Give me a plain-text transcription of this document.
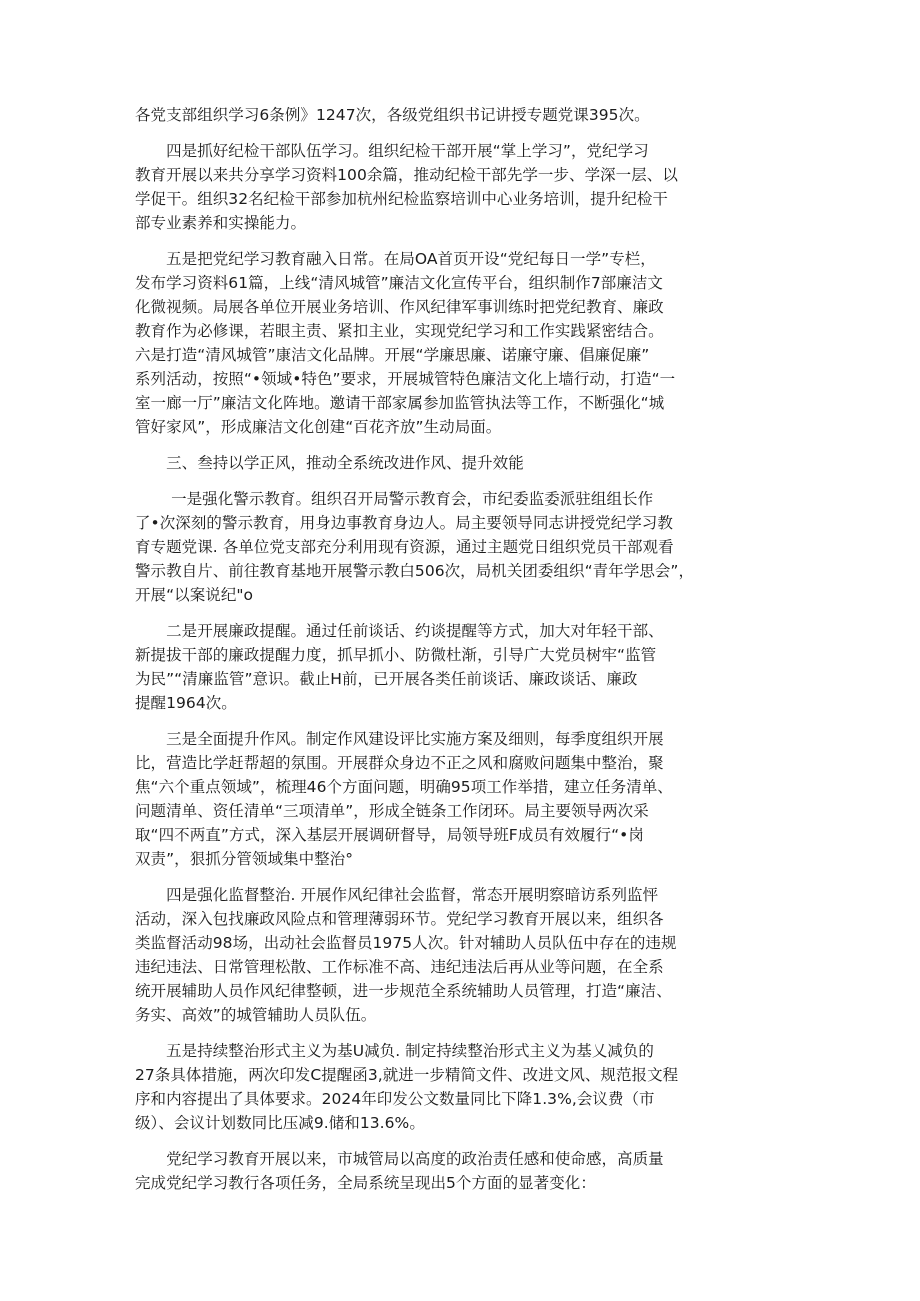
各党支部组织学习6条例》1247次，各级党组织书记讲授专题党课395次。

　　四是抓好纪检干部队伍学习。组织纪检干部开展“掌上学习”，党纪学习
教育开展以来共分享学习资料100余篇，推动纪检干部先学一步、学深一层、以
学促干。组织32名纪检干部参加杭州纪检监察培训中心业务培训，提升纪检干
部专业素养和实操能力。

　　五是把党纪学习教育融入日常。在局OA首页开设“党纪每日一学”专栏，
发布学习资料61篇，上线“清风城管”廉洁文化宣传平台，组织制作7部廉洁文
化微视频。局展各单位开展业务培训、作风纪律军事训练时把党纪教育、廉政
教育作为必修课，若眼主责、紧扣主业，实现党纪学习和工作实践紧密结合。
六是打造“清风城管”康洁文化品牌。开展“学廉思廉、诺廉守廉、倡廉促廉”
系列活动，按照“•领域•特色”要求，开展城管特色廉洁文化上墙行动，打造“一
室一廊一厅”廉洁文化阵地。邀请干部家属参加监管执法等工作，不断强化“城
管好家风”，形成廉洁文化创建“百花齐放”生动局面。

　　三、叁持以学正风，推动全系统改进作风、提升效能

　　 一是强化警示教育。组织召开局警示教育会，市纪委监委派驻组组长作
了•次深刻的警示教育，用身边事教育身边人。局主要领导同志讲授党纪学习教
育专题党课. 各单位党支部充分利用现有资源，通过主题党日组织党员干部观看
警示教自片、前往教育基地开展警示教白506次，局机关团委组织“青年学思会”，
开展“以案说纪"o

　　二是开展廉政提醒。通过任前谈话、约谈提醒等方式，加大对年轻干部、
新提拔干部的廉政提醒力度，抓早抓小、防微杜渐，引导广大党员树牢“监管
为民”“清廉监管”意识。截止H前，已开展各类任前谈话、廉政谈话、廉政
提醒1964次。

　　三是全面提升作风。制定作风建设评比实施方案及细则，每季度组织开展
比，营造比学赶帮超的氛围。开展群众身边不正之风和腐败问题集中整治，聚
焦“六个重点领域”，梳理46个方面问题，明确95项工作举措，建立任务清单、
问题清单、资任清单“三项清单”，形成全链条工作闭环。局主要领导两次采
取“四不两直”方式，深入基层开展调研督导，局领导班F成员有效履行“•岗
双责”，狠抓分管领域集中整治°

　　四是强化监督整治. 开展作风纪律社会监督，常态开展明察暗访系列监怦
活动，深入包找廉政风险点和管理薄弱环节。党纪学习教育开展以来，组织各
类监督活动98场，出动社会监督员1975人次。针对辅助人员队伍中存在的违规
违纪违法、日常管理松散、工作标准不高、违纪违法后再从业等问题，在全系
统开展辅助人员作风纪律整顿，进一步规范全系统辅助人员管理，打造“廉洁、
务实、高效”的城管辅助人员队伍。

　　五是持续整治形式主义为基U减负. 制定持续整治形式主义为基乂减负的
27条具体措施，两次印发C提醒函3,就进一步精简文件、改进文风、规范报文程
序和内容提出了具体要求。2024年印发公文数量同比下降1.3%,会议费（市
级）、会议计划数同比压减9.储和13.6%。

　　党纪学习教育开展以来，市城管局以高度的政治责任感和使命感，高质量
完成党纪学习教行各项任务，全局系统呈现出5个方面的显著变化：
